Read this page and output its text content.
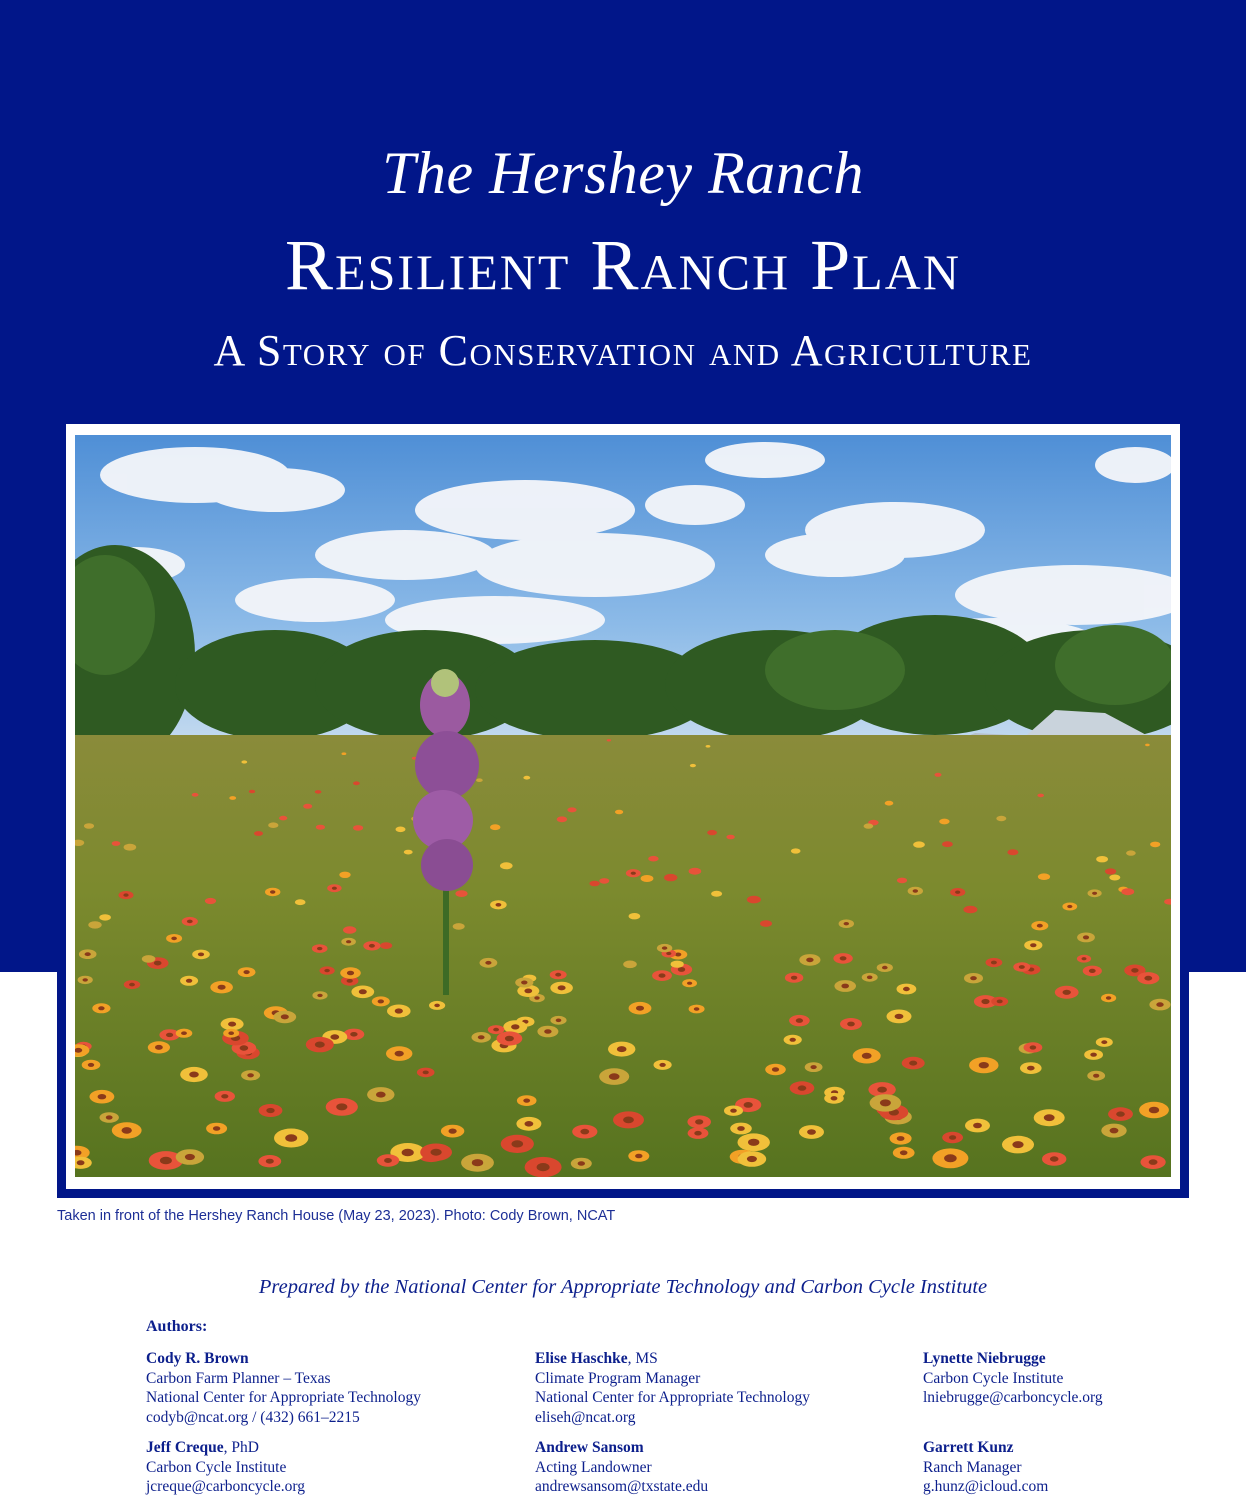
The Hershey Ranch
Resilient Ranch Plan
A Story of Conservation and Agriculture
Taken in front of the Hershey Ranch House (May 23, 2023). Photo: Cody Brown, NCAT
Prepared by the National Center for Appropriate Technology and Carbon Cycle Institute
Authors:
Cody R. Brown
Carbon Farm Planner – Texas
National Center for Appropriate Technology
codyb@ncat.org / (432) 661–2215
Elise Haschke, MS
Climate Program Manager
National Center for Appropriate Technology
eliseh@ncat.org
Lynette Niebrugge
Carbon Cycle Institute
lniebrugge@carboncycle.org
Jeff Creque, PhD
Carbon Cycle Institute
jcreque@carboncycle.org
Andrew Sansom
Acting Landowner
andrewsansom@txstate.edu
Garrett Kunz
Ranch Manager
g.hunz@icloud.com
